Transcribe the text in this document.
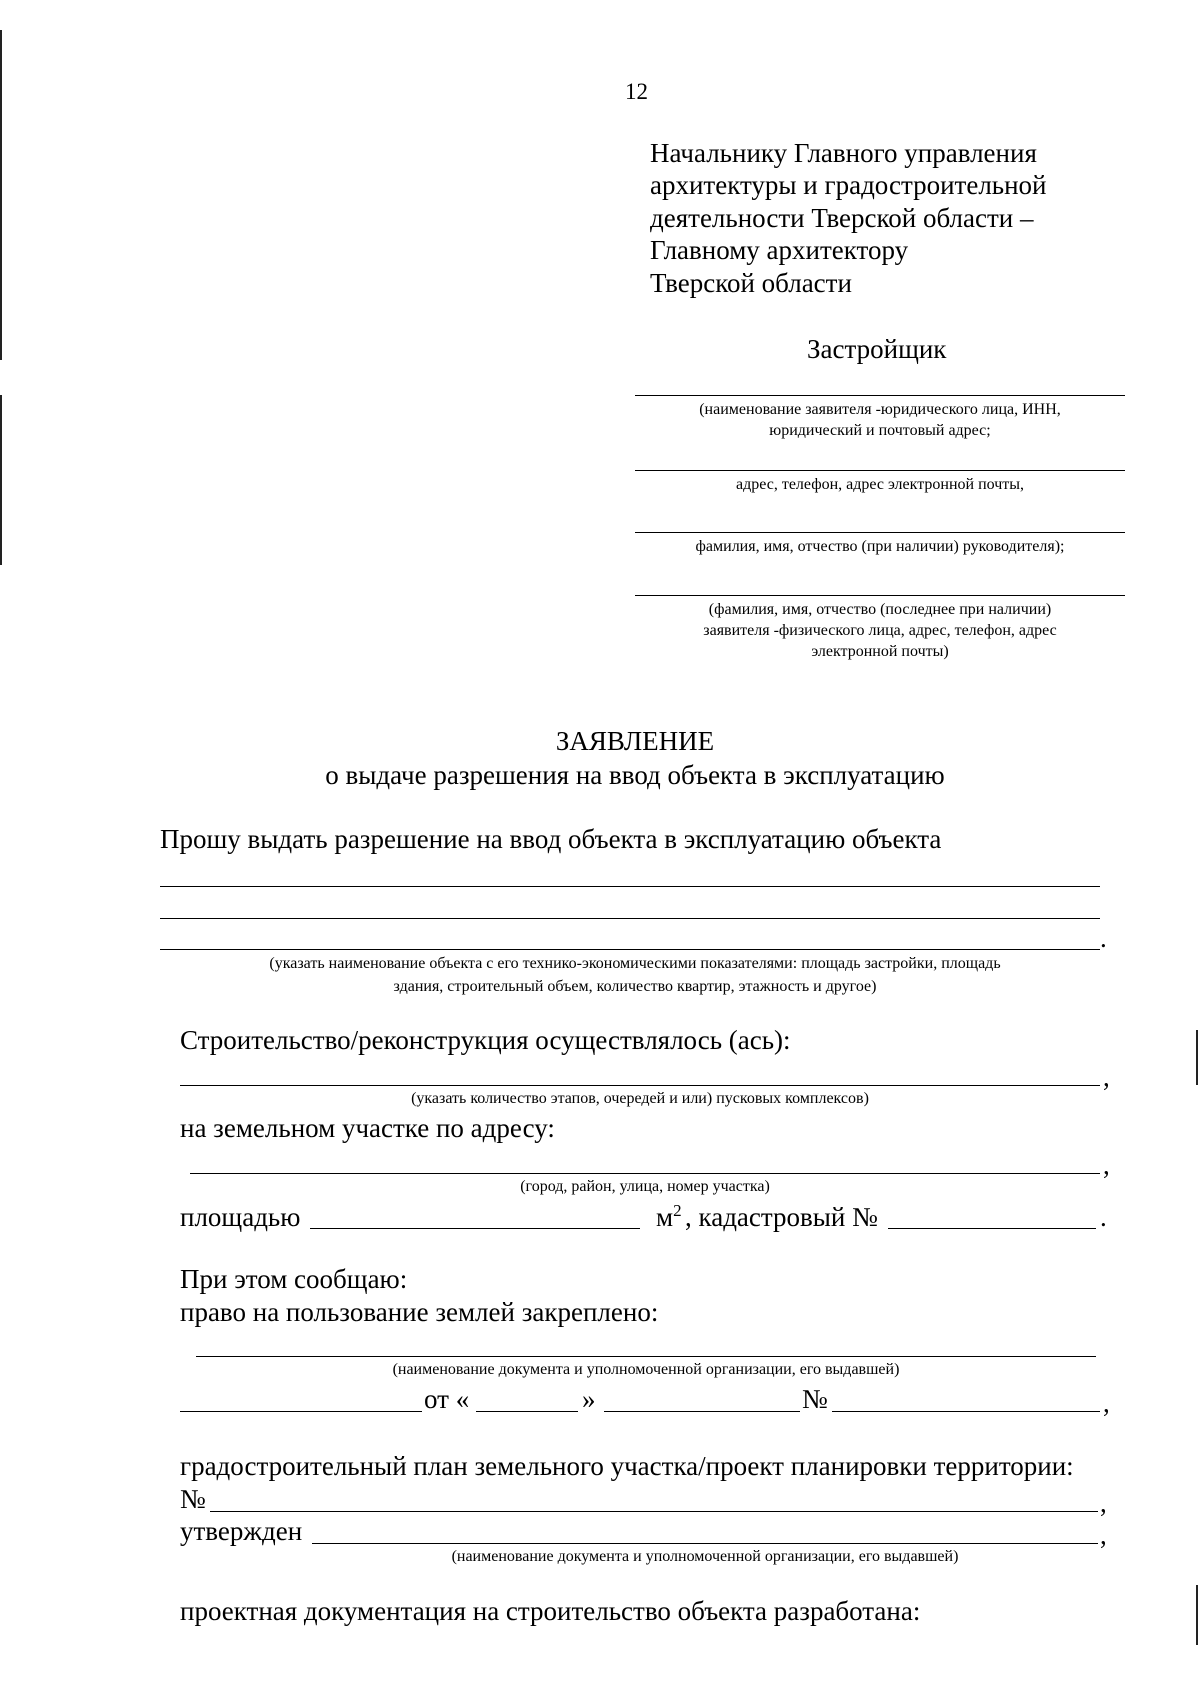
12
Начальнику Главного управления
архитектуры и градостроительной
деятельности Тверской области –
Главному архитектору
Тверской области
Застройщик
(наименование заявителя -юридического лица, ИНН,
юридический и почтовый адрес;
адрес, телефон, адрес электронной почты,
фамилия, имя, отчество (при наличии) руководителя);
(фамилия, имя, отчество (последнее при наличии)
заявителя -физического лица, адрес, телефон, адрес
электронной почты)
ЗАЯВЛЕНИЕ
о выдаче разрешения на ввод объекта в эксплуатацию
Прошу выдать разрешение на ввод объекта в эксплуатацию объекта
.
(указать наименование объекта с его технико-экономическими показателями: площадь застройки, площадь
здания, строительный объем, количество квартир, этажность и другое)
Строительство/реконструкция осуществлялось (ась):
,
(указать количество этапов, очередей и или) пусковых комплексов)
на земельном участке по адресу:
,
(город, район, улица, номер участка)
площадью	$м^2$ , кадастровый №	.
При этом сообщаю:
право на пользование землей закреплено:
(наименование документа и уполномоченной организации, его выдавшей)
от «	»	№	,
градостроительный план земельного участка/проект планировки территории:
№	,
утвержден	,
(наименование документа и уполномоченной организации, его выдавшей)
проектная документация на строительство объекта разработана:
